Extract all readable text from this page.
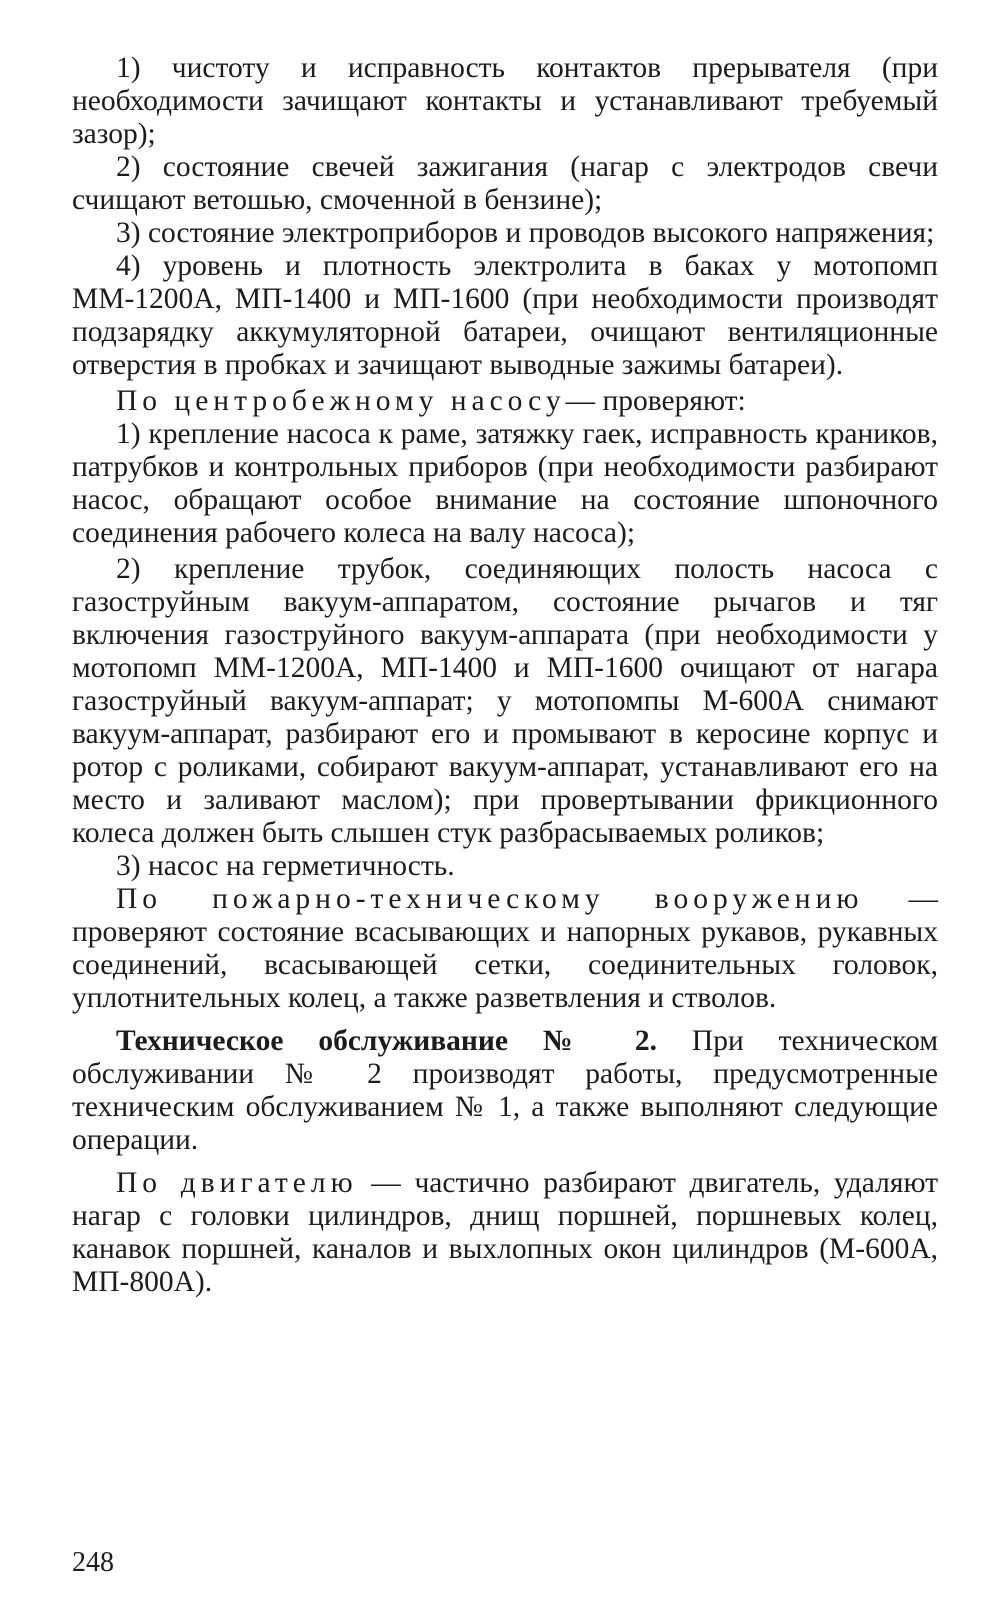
1) чистоту и исправность контактов прерывателя (при необходимости зачищают контакты и устанавливают требуемый зазор);

2) состояние свечей зажигания (нагар с электродов свечи счищают ветошью, смоченной в бензине);

3) состояние электроприборов и проводов высокого напряжения;

4) уровень и плотность электролита в баках у мотопомп ММ-1200А, МП-1400 и МП-1600 (при необходимости производят подзарядку аккумуляторной батареи, очищают вентиляционные отверстия в пробках и зачищают выводные зажимы батареи).

По центробежному насосу— проверяют:

1) крепление насоса к раме, затяжку гаек, исправность краников, патрубков и контрольных приборов (при необходимости разбирают насос, обращают особое внимание на состояние шпоночного соединения рабочего колеса на валу насоса);

2) крепление трубок, соединяющих полость насоса с газоструйным вакуум-аппаратом, состояние рычагов и тяг включения газоструйного вакуум-аппарата (при необходимости у мотопомп ММ-1200А, МП-1400 и МП-1600 очищают от нагара газоструйный вакуум-аппарат; у мотопомпы М-600А снимают вакуум-аппарат, разбирают его и промывают в керосине корпус и ротор с роликами, собирают вакуум-аппарат, устанавливают его на место и заливают маслом); при провертывании фрикционного колеса должен быть слышен стук разбрасываемых роликов;

3) насос на герметичность.

По пожарно-техническому вооружению — проверяют состояние всасывающих и напорных рукавов, рукавных соединений, всасывающей сетки, соединительных головок, уплотнительных колец, а также разветвления и стволов.

Техническое обслуживание № 2. При техническом обслуживании № 2 производят работы, предусмотренные техническим обслуживанием № 1, а также выполняют следующие операции.

По двигателю — частично разбирают двигатель, удаляют нагар с головки цилиндров, днищ поршней, поршневых колец, канавок поршней, каналов и выхлопных окон цилиндров (М-600А, МП-800А).

248
